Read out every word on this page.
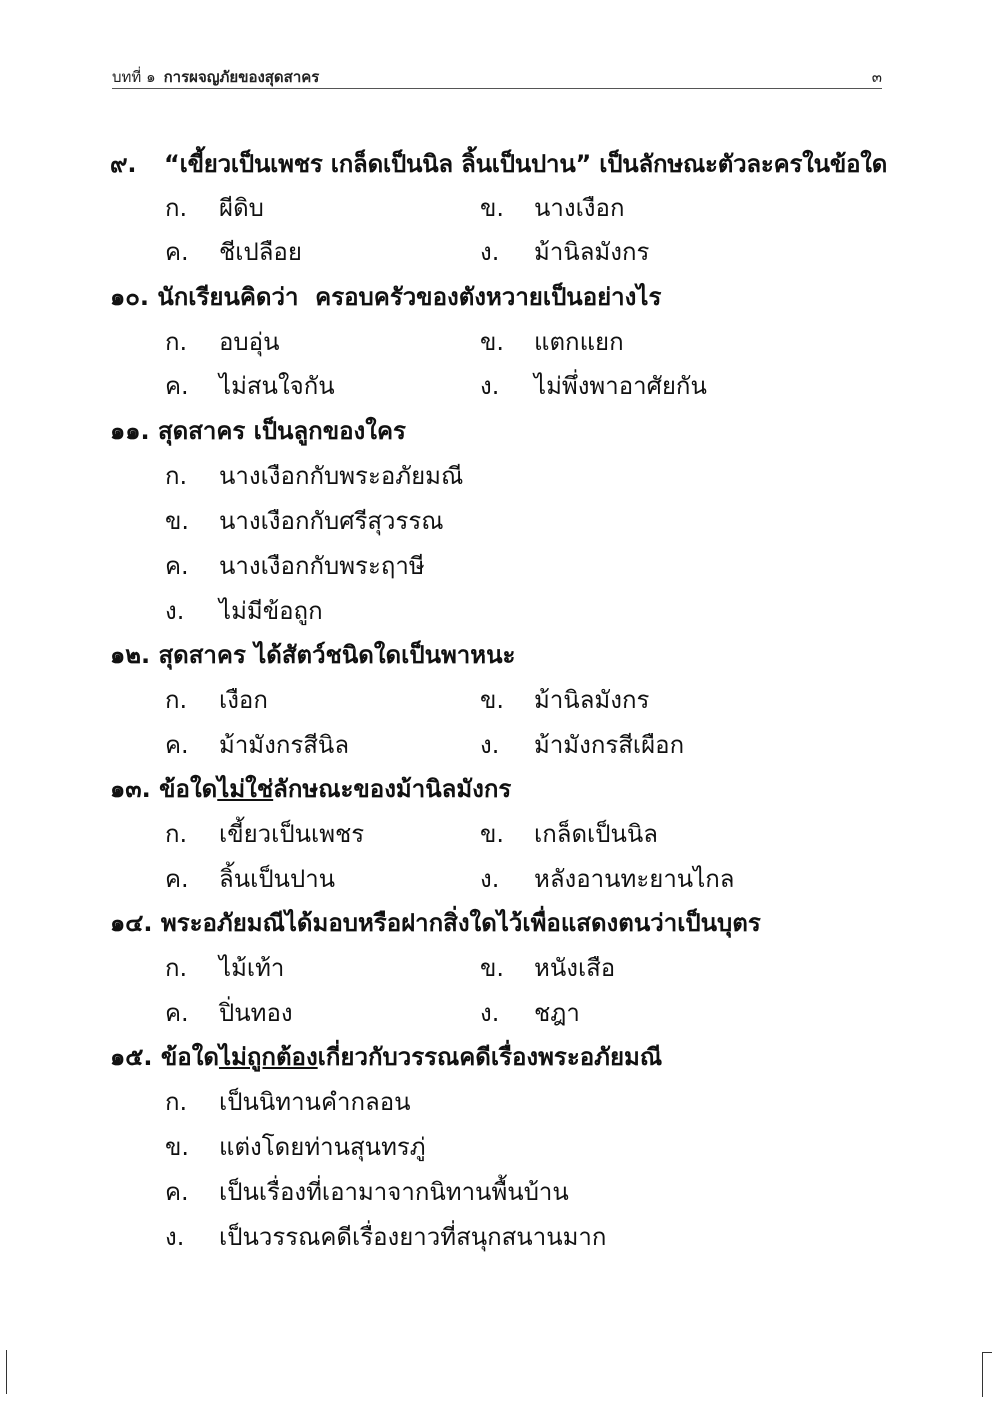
บทที่ ๑ การผจญภัยของสุดสาคร	๓
๙. “เขี้ยวเป็นเพชร เกล็ดเป็นนิล ลิ้นเป็นปาน” เป็นลักษณะตัวละครในข้อใด
ก. ผีดิบ	ข. นางเงือก
ค. ชีเปลือย	ง. ม้านิลมังกร
๑๐. นักเรียนคิดว่า  ครอบครัวของตังหวายเป็นอย่างไร
ก. อบอุ่น	ข. แตกแยก
ค. ไม่สนใจกัน	ง. ไม่พึ่งพาอาศัยกัน
๑๑. สุดสาคร เป็นลูกของใคร
ก. นางเงือกกับพระอภัยมณี
ข. นางเงือกกับศรีสุวรรณ
ค. นางเงือกกับพระฤาษี
ง. ไม่มีข้อถูก
๑๒. สุดสาคร ได้สัตว์ชนิดใดเป็นพาหนะ
ก. เงือก	ข. ม้านิลมังกร
ค. ม้ามังกรสีนิล	ง. ม้ามังกรสีเผือก
๑๓. ข้อใดไม่ใช่ลักษณะของม้านิลมังกร
ก. เขี้ยวเป็นเพชร	ข. เกล็ดเป็นนิล
ค. ลิ้นเป็นปาน	ง. หลังอานทะยานไกล
๑๔. พระอภัยมณีได้มอบหรือฝากสิ่งใดไว้เพื่อแสดงตนว่าเป็นบุตร
ก. ไม้เท้า	ข. หนังเสือ
ค. ปิ่นทอง	ง. ชฎา
๑๕. ข้อใดไม่ถูกต้องเกี่ยวกับวรรณคดีเรื่องพระอภัยมณี
ก. เป็นนิทานคำกลอน
ข. แต่งโดยท่านสุนทรภู่
ค. เป็นเรื่องที่เอามาจากนิทานพื้นบ้าน
ง. เป็นวรรณคดีเรื่องยาวที่สนุกสนานมาก
